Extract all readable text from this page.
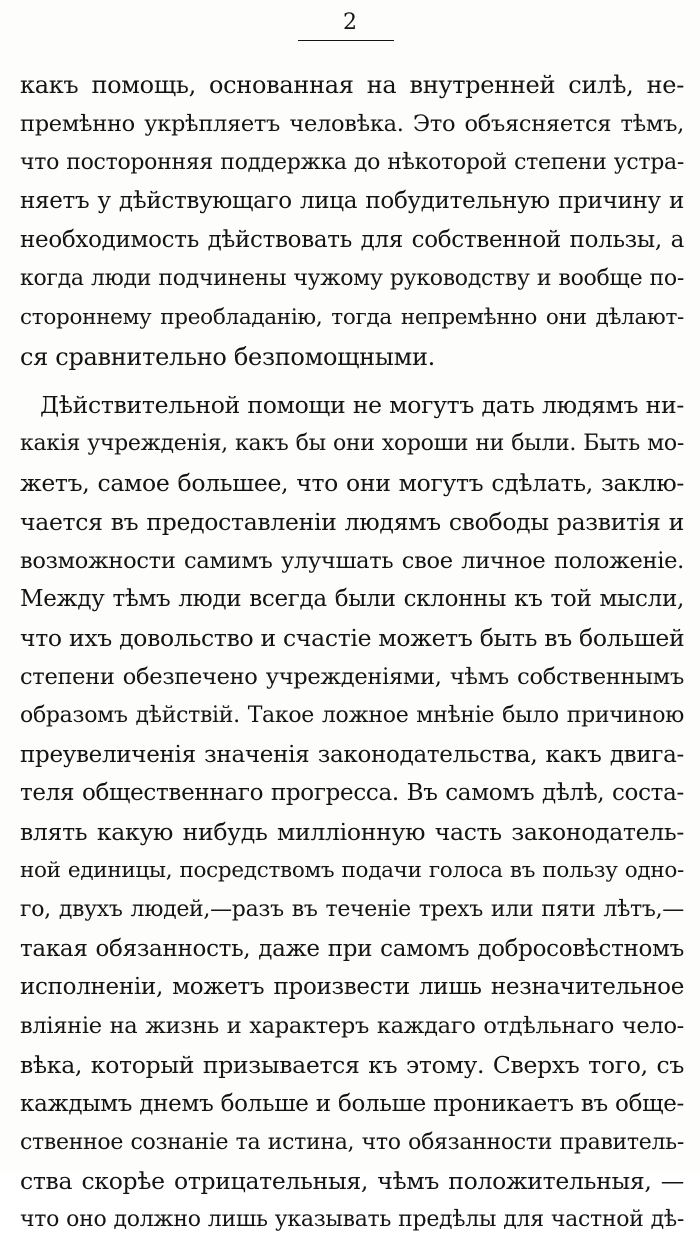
2
какъ помощь, основанная на внутренней силѣ, не-
премѣнно укрѣпляетъ человѣка. Это объясняется тѣмъ,
что посторонняя поддержка до нѣкоторой степени устра-
няетъ у дѣйствующаго лица побудительную причину и
необходимость дѣйствовать для собственной пользы, а
когда люди подчинены чужому руководству и вообще по-
стороннему преобладанію, тогда непремѣнно они дѣлают-
ся сравнительно безпомощными.
Дѣйствительной помощи не могутъ дать людямъ ни-
какія учрежденія, какъ бы они хороши ни были. Быть мо-
жетъ, самое большее, что они могутъ сдѣлать, заклю-
чается въ предоставленіи людямъ свободы развитія и
возможности самимъ улучшать свое личное положеніе.
Между тѣмъ люди всегда были склонны къ той мысли,
что ихъ довольство и счастіе можетъ быть въ большей
степени обезпечено учрежденіями, чѣмъ собственнымъ
образомъ дѣйствій. Такое ложное мнѣніе было причиною
преувеличенія значенія законодательства, какъ двига-
теля общественнаго прогресса. Въ самомъ дѣлѣ, соста-
влять какую нибудь милліонную часть законодатель-
ной единицы, посредствомъ подачи голоса въ пользу одно-
го, двухъ людей,—разъ въ теченіе трехъ или пяти лѣтъ,—
такая обязанность, даже при самомъ добросовѣстномъ
исполненіи, можетъ произвести лишь незначительное
вліяніе на жизнь и характеръ каждаго отдѣльнаго чело-
вѣка, который призывается къ этому. Сверхъ того, съ
каждымъ днемъ больше и больше проникаетъ въ обще-
ственное сознаніе та истина, что обязанности правитель-
ства скорѣе отрицательныя, чѣмъ положительныя, —
что оно должно лишь указывать предѣлы для частной дѣ-
